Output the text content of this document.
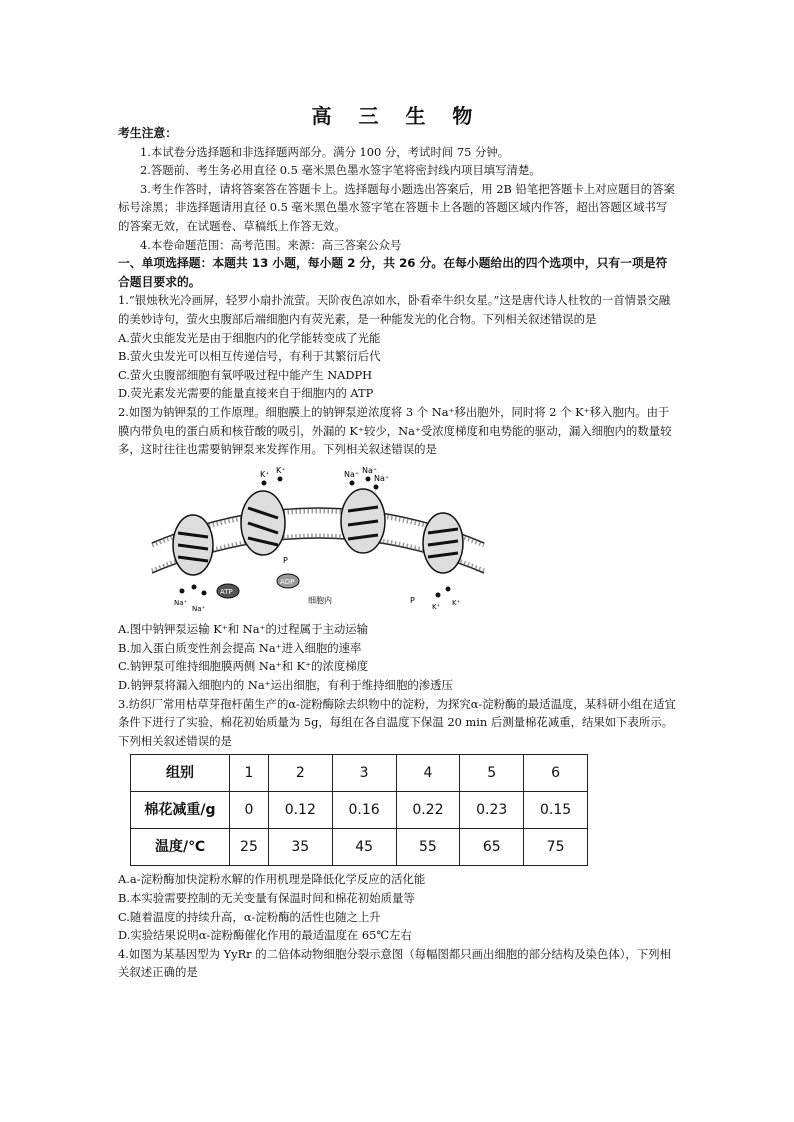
高 三 生 物

考生注意：

1.本试卷分选择题和非选择题两部分。满分 100 分，考试时间 75 分钟。

2.答题前、考生务必用直径 0.5 毫米黑色墨水签字笔将密封线内项目填写清楚。

3.考生作答时，请将答案答在答题卡上。选择题每小题选出答案后，用 2B 铅笔把答题卡上对应题目的答案标号涂黑；非选择题请用直径 0.5 毫米黑色墨水签字笔在答题卡上各题的答题区域内作答，超出答题区域书写的答案无效，在试题卷、草稿纸上作答无效。

4.本卷命题范围：高考范围。来源：高三答案公众号

一、单项选择题：本题共 13 小题，每小题 2 分，共 26 分。在每小题给出的四个选项中，只有一项是符合题目要求的。

1.“银烛秋光冷画屏，轻罗小扇扑流萤。天阶夜色凉如水，卧看牵牛织女星。”这是唐代诗人杜牧的一首情景交融的美妙诗句，萤火虫腹部后端细胞内有荧光素，是一种能发光的化合物。下列相关叙述错误的是

A.萤火虫能发光是由于细胞内的化学能转变成了光能

B.萤火虫发光可以相互传递信号，有利于其繁衍后代

C.萤火虫腹部细胞有氧呼吸过程中能产生 NADPH

D.荧光素发光需要的能量直接来自于细胞内的 ATP

2.如图为钠钾泵的工作原理。细胞膜上的钠钾泵逆浓度将 3 个 Na⁺移出胞外，同时将 2 个 K⁺移入胞内。由于膜内带负电的蛋白质和核苷酸的吸引，外漏的 K⁺较少，Na⁺受浓度梯度和电势能的驱动，漏入细胞内的数量较多，这时往往也需要钠钾泵来发挥作用。下列相关叙述错误的是

K⁺ K⁺	Na⁺ Na⁺
Na⁺
Na⁺
Na⁺
ATP
P
ADP
细胞内	P
K⁺ K⁺

A.图中钠钾泵运输 K⁺和 Na⁺的过程属于主动运输

B.加入蛋白质变性剂会提高 Na⁺进入细胞的速率

C.钠钾泵可维持细胞膜两侧 Na⁺和 K⁺的浓度梯度

D.钠钾泵将漏入细胞内的 Na⁺运出细胞，有利于维持细胞的渗透压

3.纺织厂常用枯草芽孢杆菌生产的α-淀粉酶除去织物中的淀粉，为探究α-淀粉酶的最适温度，某科研小组在适宜条件下进行了实验，棉花初始质量为 5g，每组在各自温度下保温 20 min 后测量棉花减重，结果如下表所示。下列相关叙述错误的是

组别	1	2	3	4	5	6
棉花减重/g	0	0.12	0.16	0.22	0.23	0.15
温度/℃	25	35	45	55	65	75

A.a-淀粉酶加快淀粉水解的作用机理是降低化学反应的活化能

B.本实验需要控制的无关变量有保温时间和棉花初始质量等

C.随着温度的持续升高，α-淀粉酶的活性也随之上升

D.实验结果说明α-淀粉酶催化作用的最适温度在 65℃左右

4.如图为某基因型为 YyRr 的二倍体动物细胞分裂示意图（每幅图都只画出细胞的部分结构及染色体），下列相关叙述正确的是
